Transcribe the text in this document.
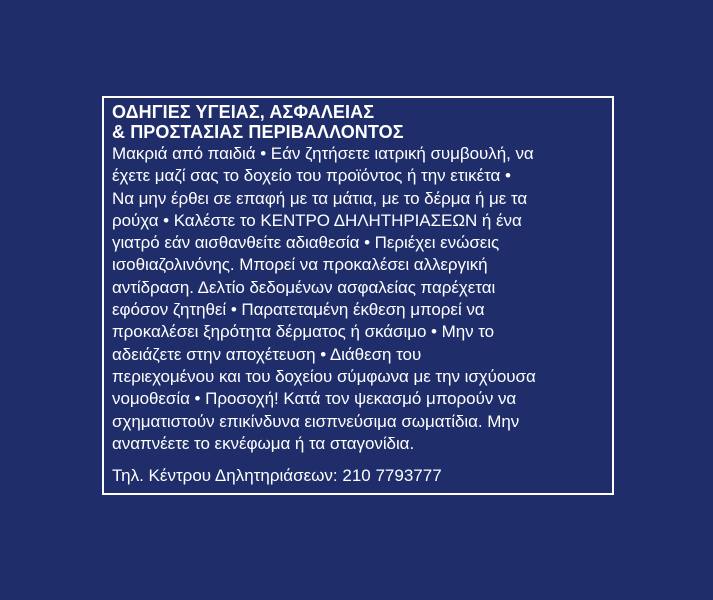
ΟΔΗΓΙΕΣ ΥΓΕΙΑΣ, ΑΣΦΑΛΕΙΑΣ
& ΠΡΟΣΤΑΣΙΑΣ ΠΕΡΙΒΑΛΛΟΝΤΟΣ
Μακριά από παιδιά • Εάν ζητήσετε ιατρική συμβουλή, να
έχετε μαζί σας το δοχείο του προϊόντος ή την ετικέτα •
Να μην έρθει σε επαφή με τα μάτια, με το δέρμα ή με τα
ρούχα • Καλέστε το ΚΕΝΤΡΟ ΔΗΛΗΤΗΡΙΑΣΕΩΝ ή ένα
γιατρό εάν αισθανθείτε αδιαθεσία • Περιέχει ενώσεις
ισοθιαζολινόνης. Μπορεί να προκαλέσει αλλεργική
αντίδραση. Δελτίο δεδομένων ασφαλείας παρέχεται
εφόσον ζητηθεί • Παρατεταμένη έκθεση μπορεί να
προκαλέσει ξηρότητα δέρματος ή σκάσιμο • Μην το
αδειάζετε στην αποχέτευση • Διάθεση του
περιεχομένου και του δοχείου σύμφωνα με την ισχύουσα
νομοθεσία • Προσοχή! Κατά τον ψεκασμό μπορούν να
σχηματιστούν επικίνδυνα εισπνεύσιμα σωματίδια. Μην
αναπνέετε το εκνέφωμα ή τα σταγονίδια.
Τηλ. Κέντρου Δηλητηριάσεων: 210 7793777
